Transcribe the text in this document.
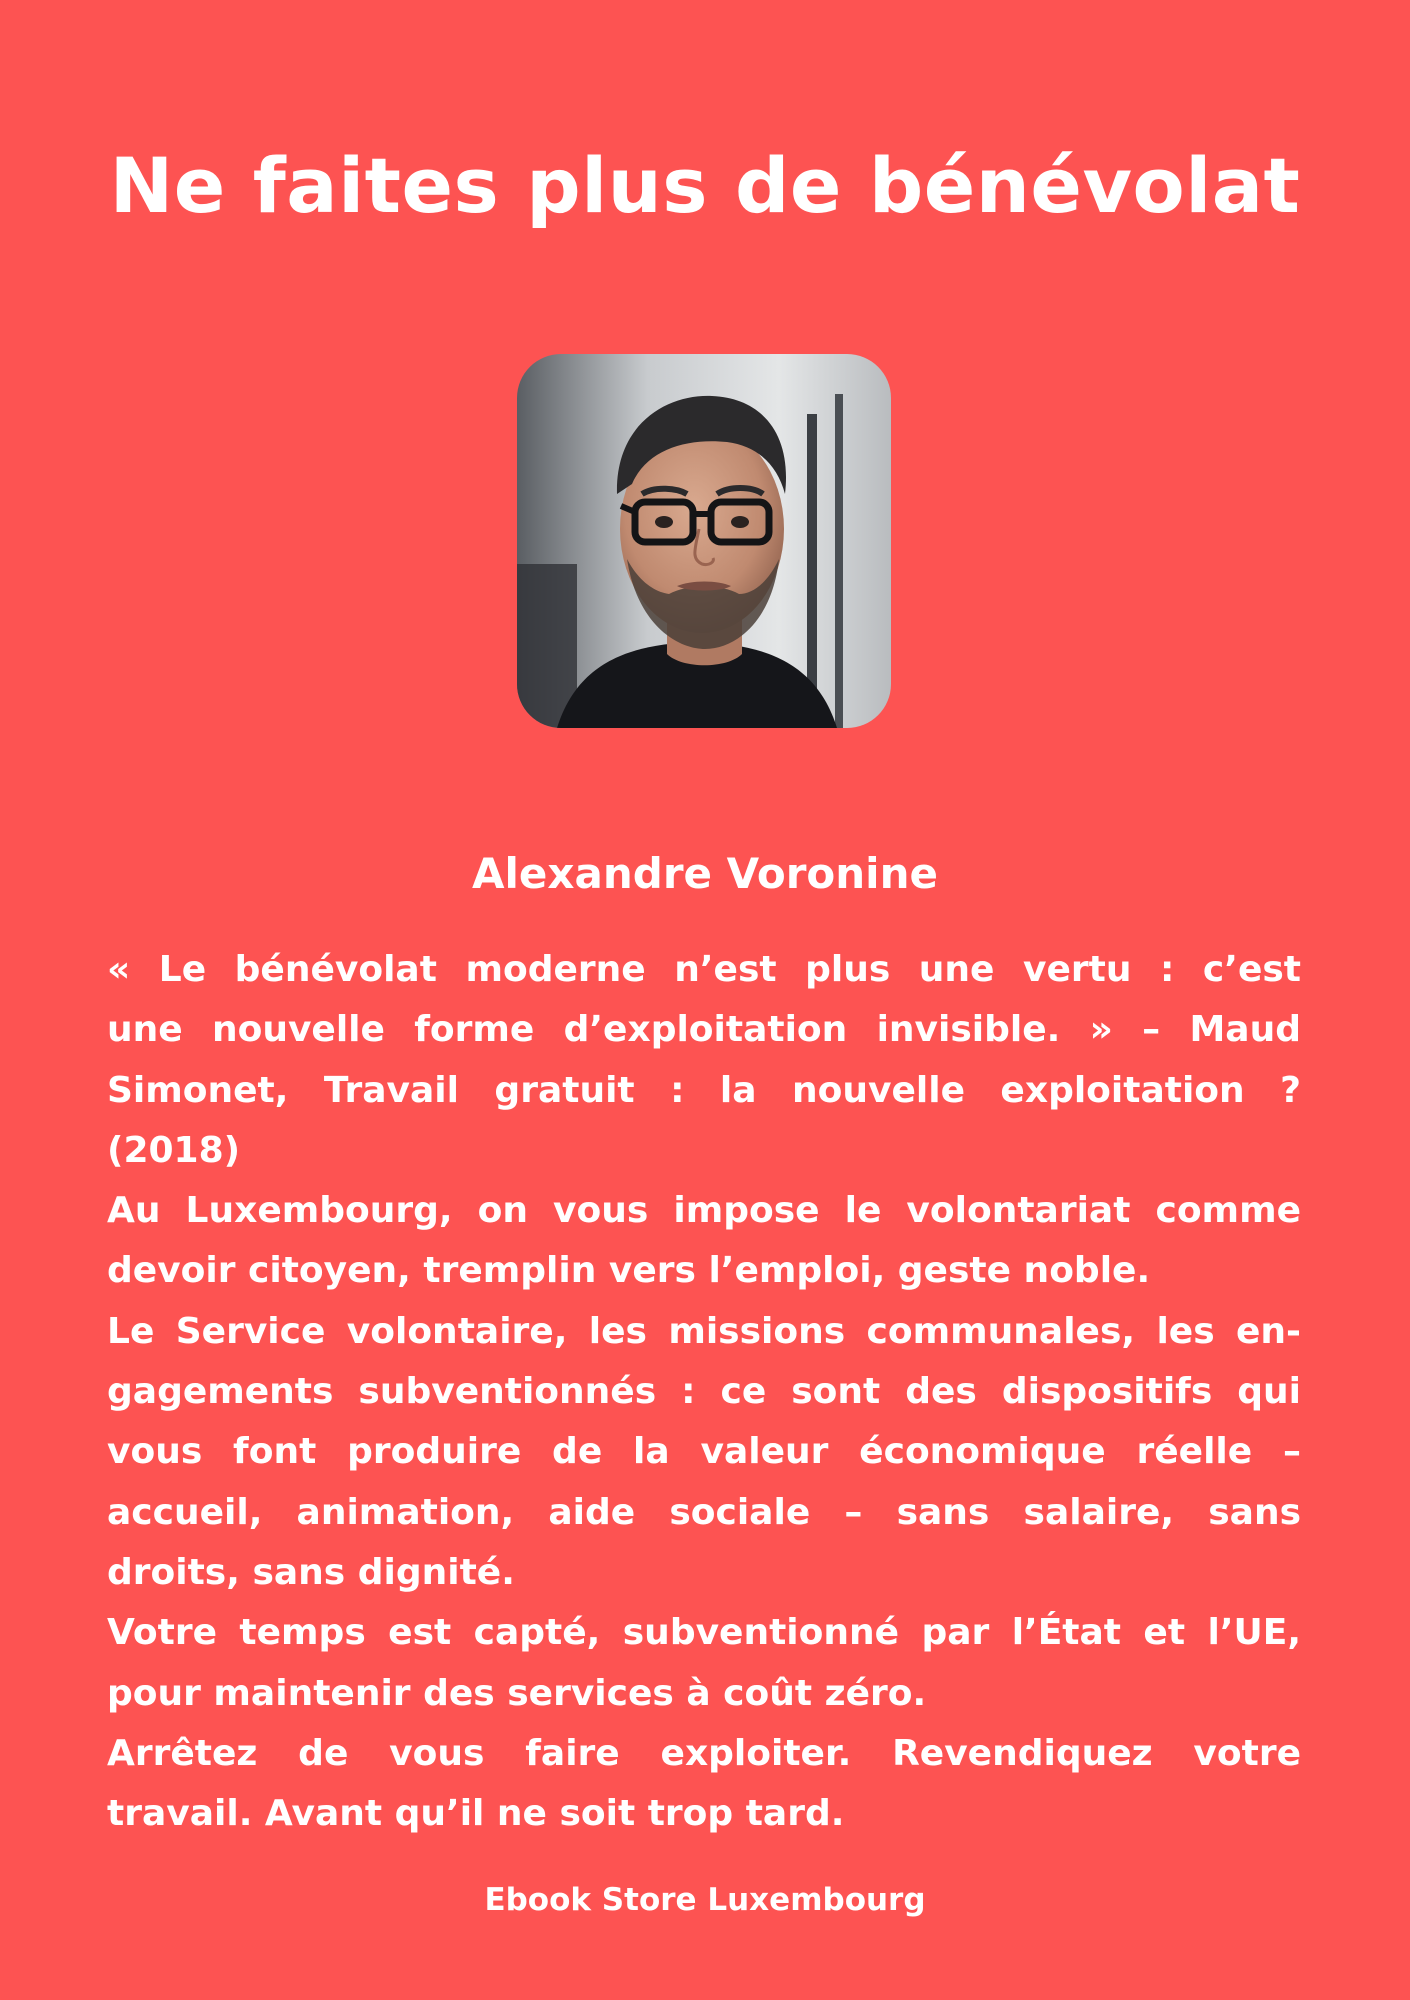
Ne faites plus de bénévolat
Alexandre Voronine

« Le bénévolat moderne n’est plus une vertu : c’est
une nouvelle forme d’exploitation invisible. » – Maud
Simonet, Travail gratuit : la nouvelle exploitation ?
(2018)

Au Luxembourg, on vous impose le volontariat comme
devoir citoyen, tremplin vers l’emploi, geste noble.

Le Service volontaire, les missions communales, les en-
gagements subventionnés : ce sont des dispositifs qui
vous font produire de la valeur économique réelle –
accueil, animation, aide sociale – sans salaire, sans
droits, sans dignité.

Votre temps est capté, subventionné par l’État et l’UE,
pour maintenir des services à coût zéro.

Arrêtez de vous faire exploiter. Revendiquez votre
travail. Avant qu’il ne soit trop tard.

Ebook Store Luxembourg
